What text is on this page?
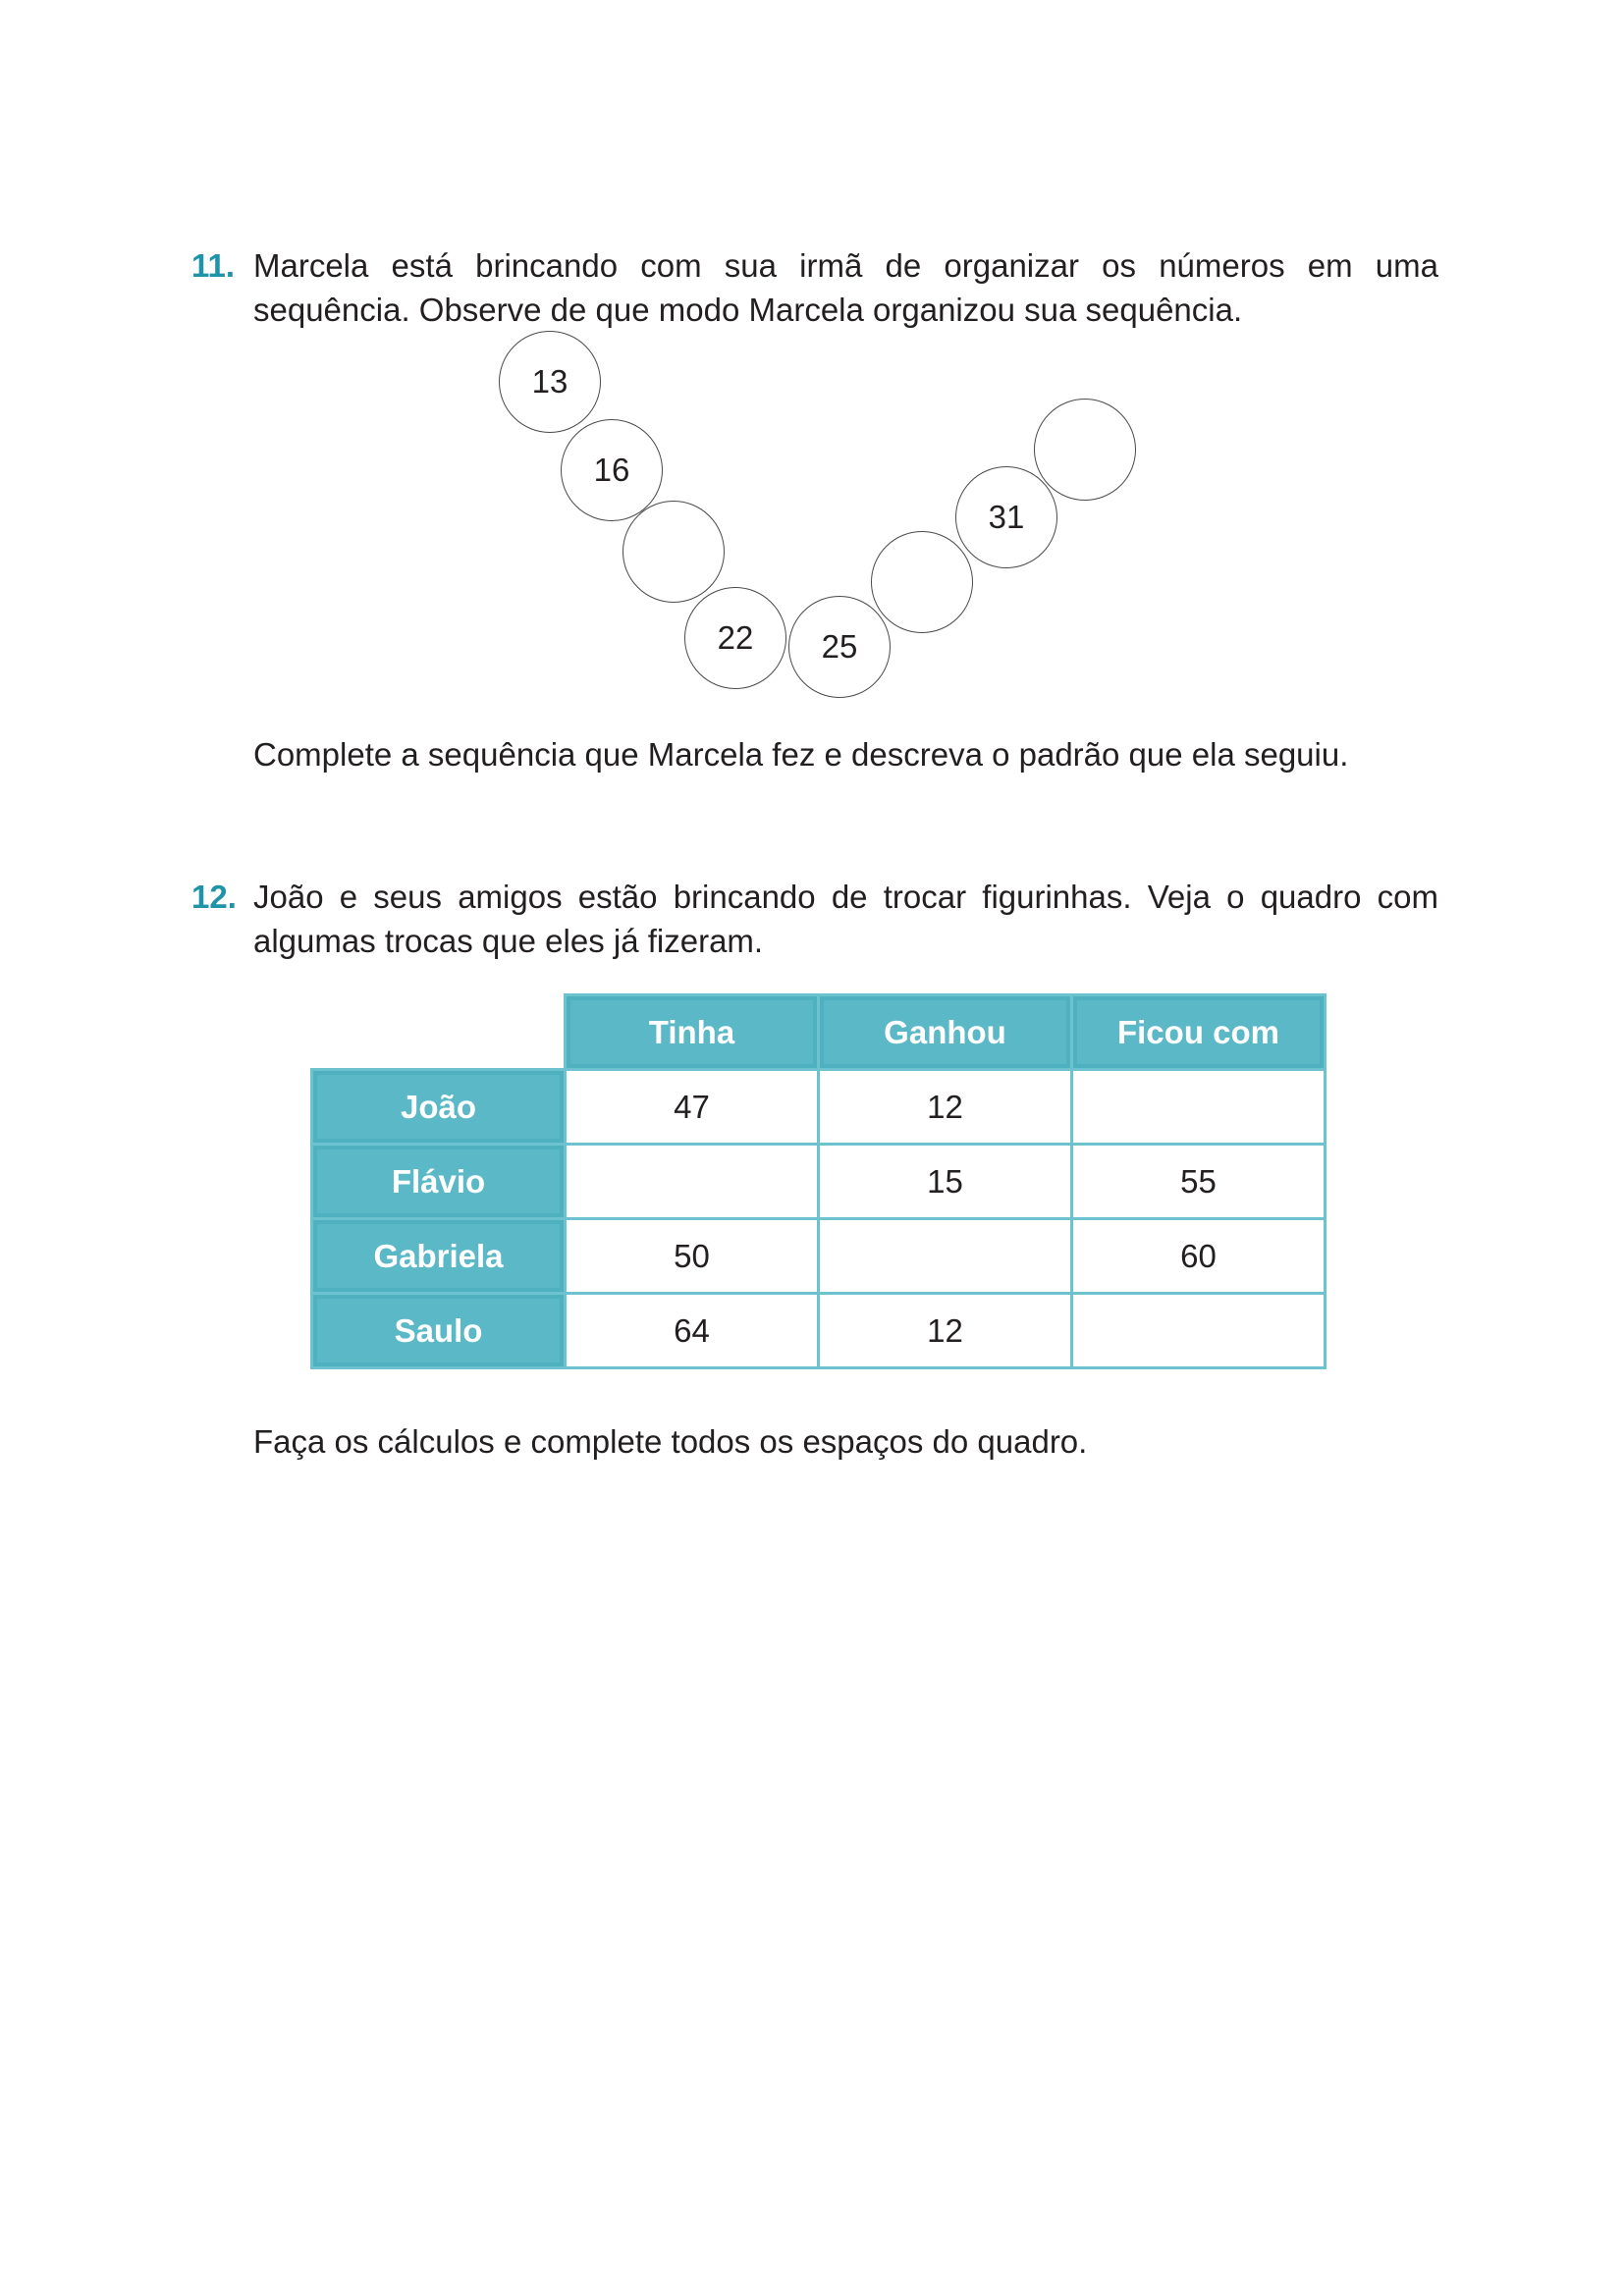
11. Marcela está brincando com sua irmã de organizar os números em uma sequência. Observe de que modo Marcela organizou sua sequência.
13
16
22	25
31
Complete a sequência que Marcela fez e descreva o padrão que ela seguiu.
12. João e seus amigos estão brincando de trocar figurinhas. Veja o quadro com algumas trocas que eles já fizeram.
	Tinha	Ganhou	Ficou com
João	47	12	
Flávio		15	55
Gabriela	50		60
Saulo	64	12	
Faça os cálculos e complete todos os espaços do quadro.
